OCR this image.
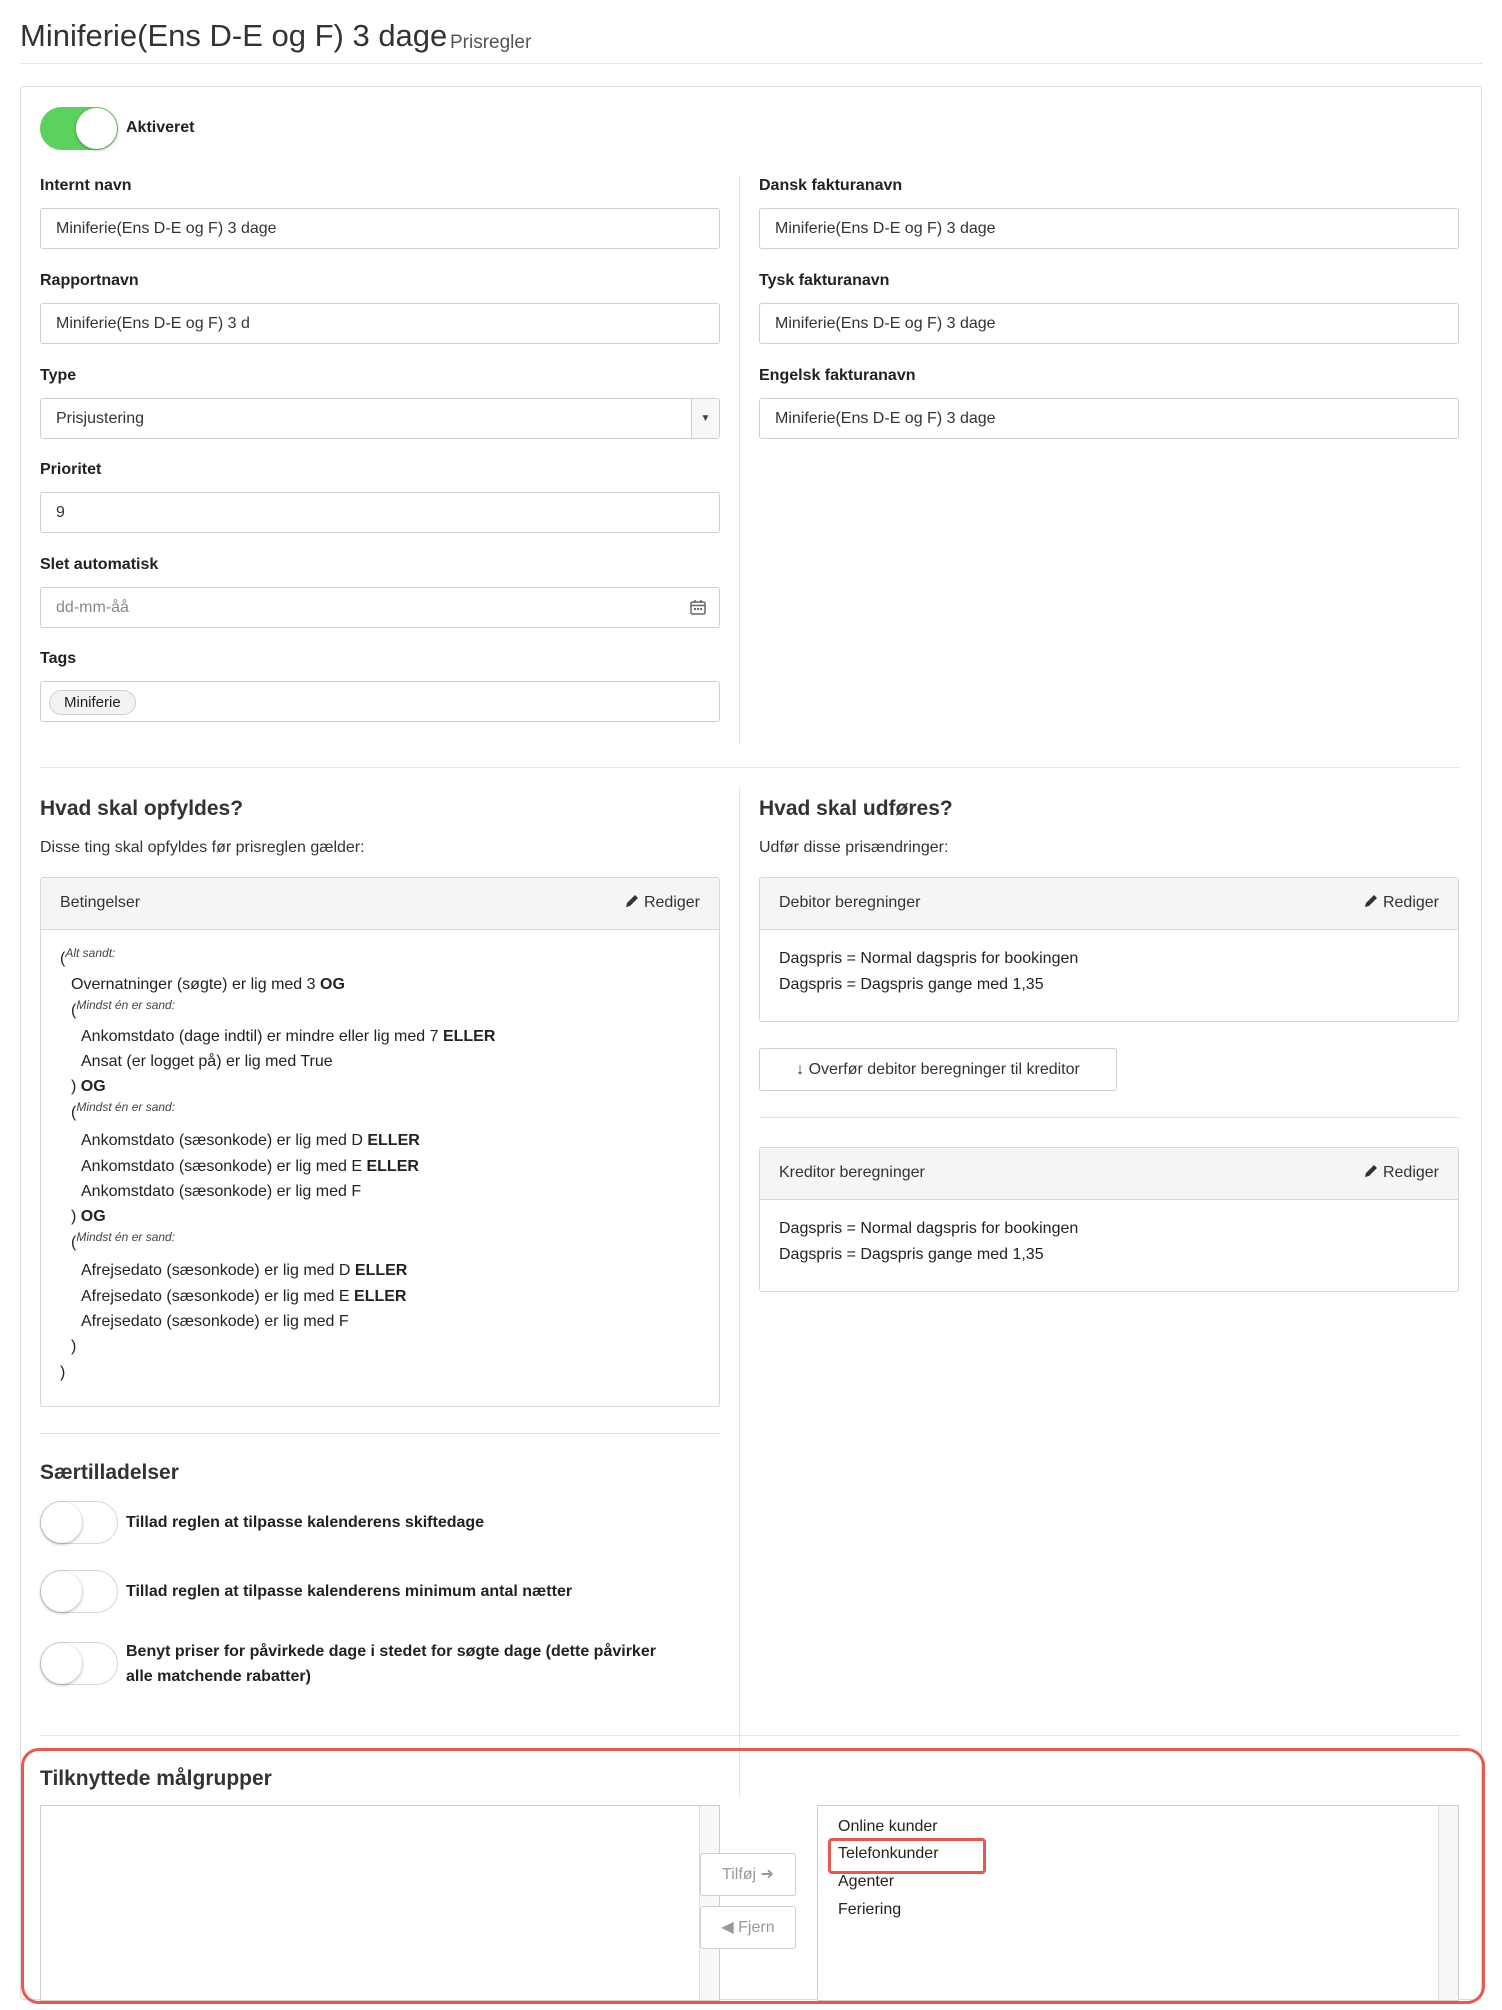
Miniferie(Ens D-E og F) 3 dage Prisregler
Aktiveret
Internt navn
Miniferie(Ens D-E og F) 3 dage
Rapportnavn
Miniferie(Ens D-E og F) 3 d
Type
Prisjustering	▼
Prioritet
9
Slet automatisk
dd-mm-åå
Tags
Miniferie
Dansk fakturanavn
Miniferie(Ens D-E og F) 3 dage
Tysk fakturanavn
Miniferie(Ens D-E og F) 3 dage
Engelsk fakturanavn
Miniferie(Ens D-E og F) 3 dage
Hvad skal opfyldes?
Disse ting skal opfyldes før prisreglen gælder:
Betingelser	Rediger
($^{Alt sandt:}$
Overnatninger (søgte) er lig med 3 OG
($^{Mindst én er sand:}$
Ankomstdato (dage indtil) er mindre eller lig med 7 ELLER
Ansat (er logget på) er lig med True
) OG
($^{Mindst én er sand:}$
Ankomstdato (sæsonkode) er lig med D ELLER
Ankomstdato (sæsonkode) er lig med E ELLER
Ankomstdato (sæsonkode) er lig med F
) OG
($^{Mindst én er sand:}$
Afrejsedato (sæsonkode) er lig med D ELLER
Afrejsedato (sæsonkode) er lig med E ELLER
Afrejsedato (sæsonkode) er lig med F
)
)
Hvad skal udføres?
Udfør disse prisændringer:
Debitor beregninger	Rediger
Dagspris = Normal dagspris for bookingen
Dagspris = Dagspris gange med 1,35
↓ Overfør debitor beregninger til kreditor
Kreditor beregninger	Rediger
Dagspris = Normal dagspris for bookingen
Dagspris = Dagspris gange med 1,35
Særtilladelser
Tillad reglen at tilpasse kalenderens skiftedage
Tillad reglen at tilpasse kalenderens minimum antal nætter
Benyt priser for påvirkede dage i stedet for søgte dage (dette påvirker
alle matchende rabatter)
Tilknyttede målgrupper
Tilføj ➜
◀ Fjern
Online kunder
Telefonkunder
Agenter
Feriering
